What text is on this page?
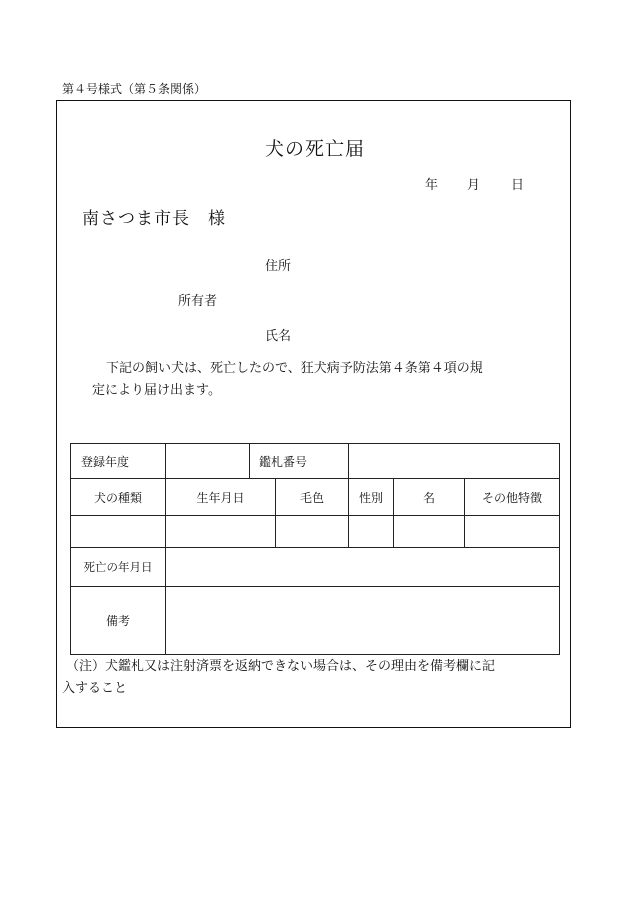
第４号様式（第５条関係）
犬の死亡届
年 月 日
南さつま市長　様
住所
所有者
氏名
下記の飼い犬は、死亡したので、狂犬病予防法第４条第４項の規
定により届け出ます。
登録年度	鑑札番号				

犬の種類	生年月日	毛色	性別	名	その他特徴

死亡の年月日					
備考					
（注）犬鑑札又は注射済票を返納できない場合は、その理由を備考欄に記
入すること
